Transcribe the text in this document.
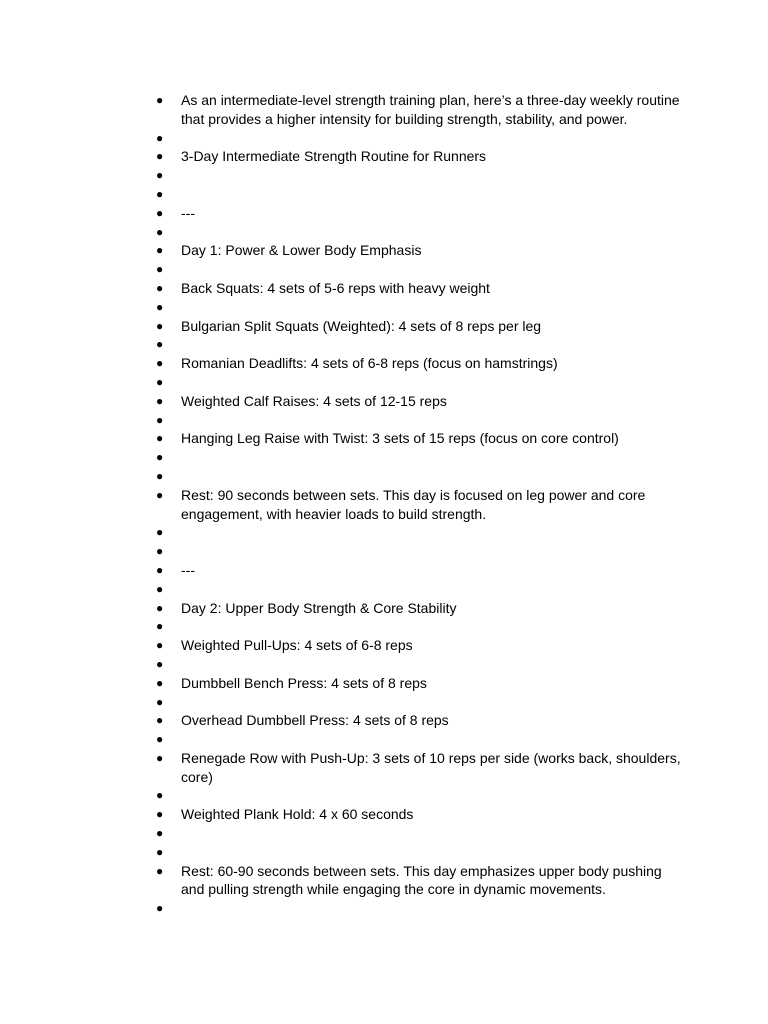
● As an intermediate-level strength training plan, here’s a three-day weekly routine that provides a higher intensity for building strength, stability, and power.
●
● 3-Day Intermediate Strength Routine for Runners
●
●
● ---
●
● Day 1: Power & Lower Body Emphasis
●
● Back Squats: 4 sets of 5-6 reps with heavy weight
●
● Bulgarian Split Squats (Weighted): 4 sets of 8 reps per leg
●
● Romanian Deadlifts: 4 sets of 6-8 reps (focus on hamstrings)
●
● Weighted Calf Raises: 4 sets of 12-15 reps
●
● Hanging Leg Raise with Twist: 3 sets of 15 reps (focus on core control)
●
●
● Rest: 90 seconds between sets. This day is focused on leg power and core engagement, with heavier loads to build strength.
●
●
● ---
●
● Day 2: Upper Body Strength & Core Stability
●
● Weighted Pull-Ups: 4 sets of 6-8 reps
●
● Dumbbell Bench Press: 4 sets of 8 reps
●
● Overhead Dumbbell Press: 4 sets of 8 reps
●
● Renegade Row with Push-Up: 3 sets of 10 reps per side (works back, shoulders, core)
●
● Weighted Plank Hold: 4 x 60 seconds
●
●
● Rest: 60-90 seconds between sets. This day emphasizes upper body pushing and pulling strength while engaging the core in dynamic movements.
●
